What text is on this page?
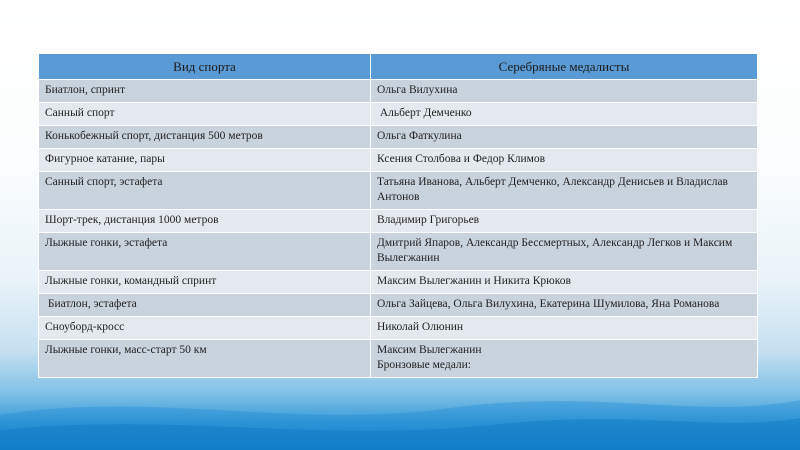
Вид спорта	Серебряные медалисты
Биатлон, спринт	Ольга Вилухина
Санный спорт	Альберт Демченко
Конькобежный спорт, дистанция 500 метров	Ольга Фаткулина
Фигурное катание, пары	Ксения Столбова и Федор Климов
Санный спорт, эстафета	Татьяна Иванова, Альберт Демченко, Александр Денисьев и Владислав Антонов
Шорт-трек, дистанция 1000 метров	Владимир Григорьев
Лыжные гонки, эстафета	Дмитрий Япаров, Александр Бессмертных, Александр Легков и Максим Вылегжанин
Лыжные гонки, командный спринт	Максим Вылегжанин и Никита Крюков
Биатлон, эстафета	Ольга Зайцева, Ольга Вилухина, Екатерина Шумилова, Яна Романова
Сноуборд-кросс	Николай Олюнин
Лыжные гонки, масс-старт 50 км	Максим Вылегжанин
Бронзовые медали:
